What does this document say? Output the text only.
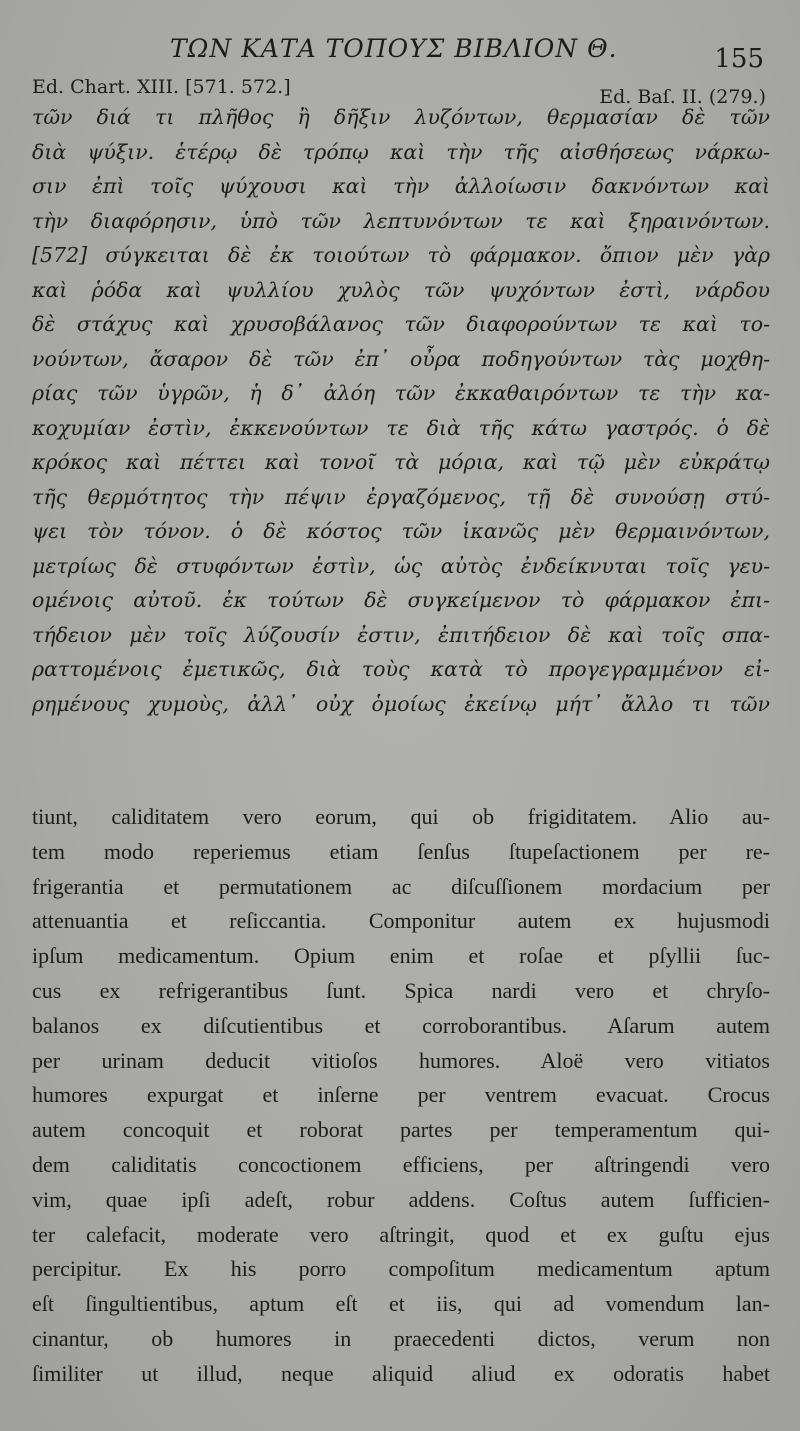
ΤΩΝ ΚΑΤΑ ΤΟΠΟΥΣ ΒΙΒΛΙΟΝ Θ.	155
Ed. Chart. XIII. [571. 572.]	Ed. Baſ. II. (279.)
τῶν διά τι πλῆθος ἢ δῆξιν λυζόντων, θερμασίαν δὲ τῶν
διὰ ψύξιν. ἑτέρῳ δὲ τρόπῳ καὶ τὴν τῆς αἰσθήσεως νάρκω-
σιν ἐπὶ τοῖς ψύχουσι καὶ τὴν ἀλλοίωσιν δακνόντων καὶ
τὴν διαφόρησιν, ὑπὸ τῶν λεπτυνόντων τε καὶ ξηραινόντων.
[572] σύγκειται δὲ ἐκ τοιούτων τὸ φάρμακον. ὄπιον μὲν γὰρ
καὶ ῥόδα καὶ ψυλλίου χυλὸς τῶν ψυχόντων ἐστὶ, νάρδου
δὲ στάχυς καὶ χρυσοβάλανος τῶν διαφορούντων τε καὶ το-
νούντων, ἄσαρον δὲ τῶν ἐπ᾿ οὖρα ποδηγούντων τὰς μοχθη-
ρίας τῶν ὑγρῶν, ἡ δ᾿ ἀλόη τῶν ἐκκαθαιρόντων τε τὴν κα-
κοχυμίαν ἐστὶν, ἐκκενούντων τε διὰ τῆς κάτω γαστρός. ὁ δὲ
κρόκος καὶ πέττει καὶ τονοῖ τὰ μόρια, καὶ τῷ μὲν εὐκράτῳ
τῆς θερμότητος τὴν πέψιν ἐργαζόμενος, τῇ δὲ συνούσῃ στύ-
ψει τὸν τόνον. ὁ δὲ κόστος τῶν ἱκανῶς μὲν θερμαινόντων,
μετρίως δὲ στυφόντων ἐστὶν, ὡς αὐτὸς ἐνδείκνυται τοῖς γευ-
ομένοις αὐτοῦ. ἐκ τούτων δὲ συγκείμενον τὸ φάρμακον ἐπι-
τήδειον μὲν τοῖς λύζουσίν ἐστιν, ἐπιτήδειον δὲ καὶ τοῖς σπα-
ραττομένοις ἐμετικῶς, διὰ τοὺς κατὰ τὸ προγεγραμμένον εἰ-
ρημένους χυμοὺς, ἀλλ᾿ οὐχ ὁμοίως ἐκείνῳ μήτ᾿ ἄλλο τι τῶν
tiunt, caliditatem vero eorum, qui ob frigiditatem. Alio au-
tem modo reperiemus etiam ſenſus ſtupeſactionem per re-
frigerantia et permutationem ac diſcuſſionem mordacium per
attenuantia et reſiccantia. Componitur autem ex hujusmodi
ipſum medicamentum. Opium enim et roſae et pſyllii ſuc-
cus ex refrigerantibus ſunt. Spica nardi vero et chryſo-
balanos ex diſcutientibus et corroborantibus. Aſarum autem
per urinam deducit vitioſos humores. Aloë vero vitiatos
humores expurgat et inſerne per ventrem evacuat. Crocus
autem concoquit et roborat partes per temperamentum qui-
dem caliditatis concoctionem efficiens, per aſtringendi vero
vim, quae ipſi adeſt, robur addens. Coſtus autem ſufficien-
ter calefacit, moderate vero aſtringit, quod et ex guſtu ejus
percipitur. Ex his porro compoſitum medicamentum aptum
eſt ſingultientibus, aptum eſt et iis, qui ad vomendum lan-
cinantur, ob humores in praecedenti dictos, verum non
ſimiliter ut illud, neque aliquid aliud ex odoratis habet
